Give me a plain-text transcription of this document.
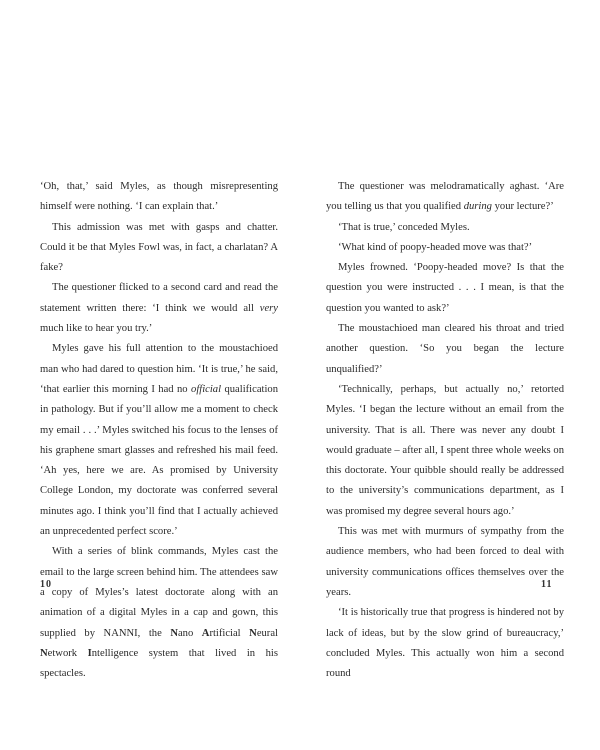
‘Oh, that,’ said Myles, as though misrepresenting himself were nothing. ‘I can explain that.’

This admission was met with gasps and chatter. Could it be that Myles Fowl was, in fact, a charlatan? A fake?

The questioner flicked to a second card and read the statement written there: ‘I think we would all very much like to hear you try.’

Myles gave his full attention to the moustachioed man who had dared to question him. ‘It is true,’ he said, ‘that earlier this morning I had no official qualification in pathology. But if you’ll allow me a moment to check my email . . .’ Myles switched his focus to the lenses of his graphene smart glasses and refreshed his mail feed. ‘Ah yes, here we are. As promised by University College London, my doctorate was conferred several minutes ago. I think you’ll find that I actually achieved an unprecedented perfect score.’

With a series of blink commands, Myles cast the email to the large screen behind him. The attendees saw a copy of Myles’s latest doctorate along with an animation of a digital Myles in a cap and gown, this supplied by NANNI, the Nano Artificial Neural Network Intelligence system that lived in his spectacles.

The questioner was melodramatically aghast. ‘Are you telling us that you qualified during your lecture?’

‘That is true,’ conceded Myles.

‘What kind of poopy-headed move was that?’

Myles frowned. ‘Poopy-headed move? Is that the question you were instructed . . . I mean, is that the question you wanted to ask?’

The moustachioed man cleared his throat and tried another question. ‘So you began the lecture unqualified?’

‘Technically, perhaps, but actually no,’ retorted Myles. ‘I began the lecture without an email from the university. That is all. There was never any doubt I would graduate – after all, I spent three whole weeks on this doctorate. Your quibble should really be addressed to the university’s communications department, as I was promised my degree several hours ago.’

This was met with murmurs of sympathy from the audience members, who had been forced to deal with university communications offices themselves over the years.

‘It is historically true that progress is hindered not by lack of ideas, but by the slow grind of bureaucracy,’ concluded Myles. This actually won him a second round

10	11
